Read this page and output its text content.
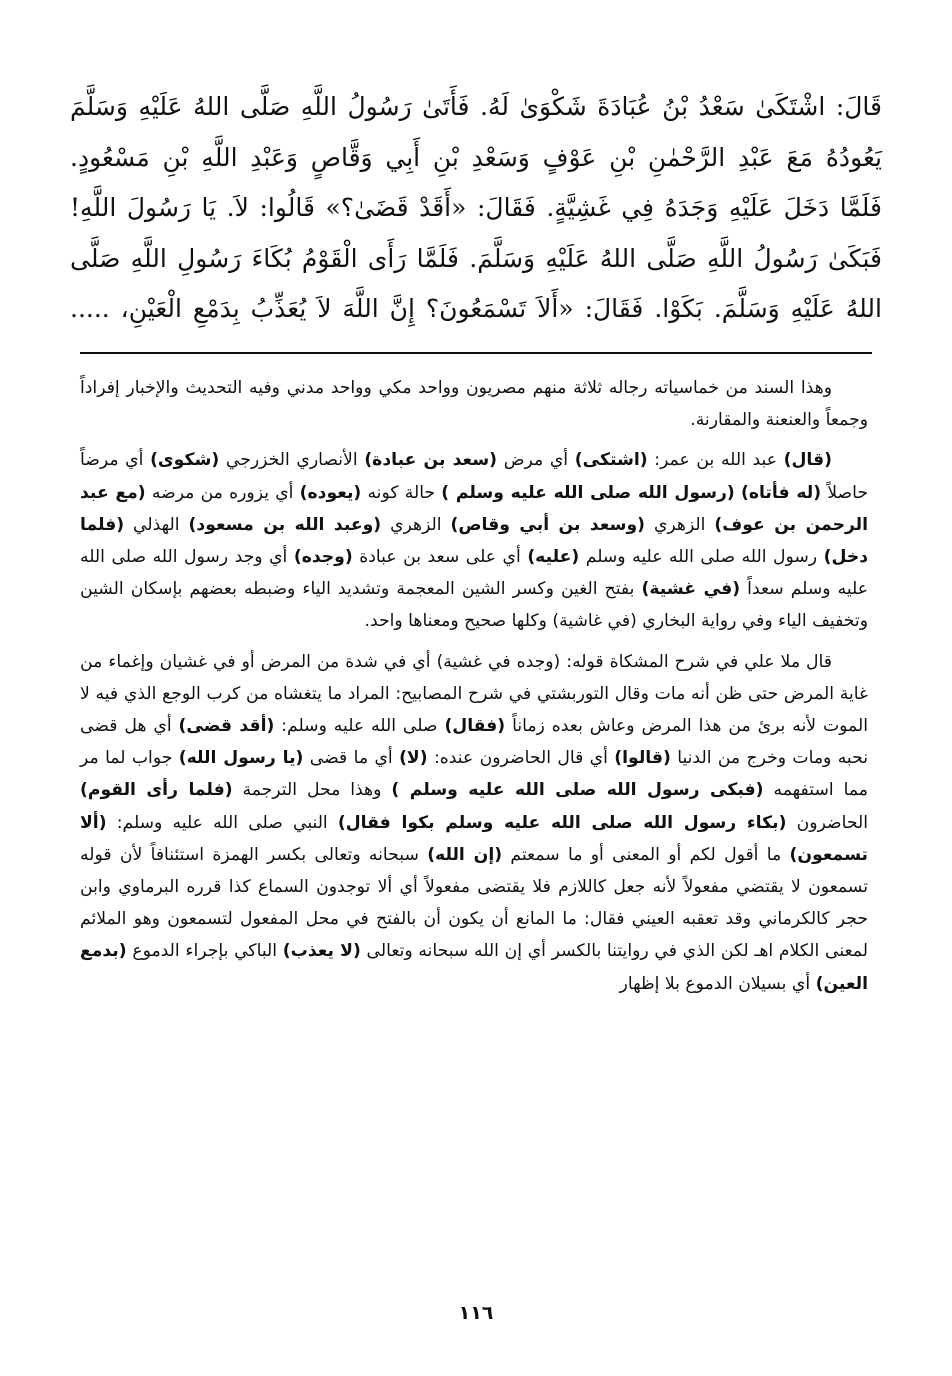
قَالَ: اشْتَكَىٰ سَعْدُ بْنُ عُبَادَةَ شَكْوَىٰ لَهُ. فَأَتَىٰ رَسُولُ اللَّهِ صَلَّى اللهُ عَلَيْهِ وَسَلَّمَ
يَعُودُهُ مَعَ عَبْدِ الرَّحْمٰنِ بْنِ عَوْفٍ وَسَعْدِ بْنِ أَبِي وَقَّاصٍ وَعَبْدِ اللَّهِ بْنِ مَسْعُودٍ.
فَلَمَّا دَخَلَ عَلَيْهِ وَجَدَهُ فِي غَشِيَّةٍ. فَقَالَ: «أَقَدْ قَضَىٰ؟» قَالُوا: لاَ. يَا رَسُولَ اللَّهِ!
فَبَكَىٰ رَسُولُ اللَّهِ صَلَّى اللهُ عَلَيْهِ وَسَلَّمَ. فَلَمَّا رَأَى الْقَوْمُ بُكَاءَ رَسُولِ اللَّهِ صَلَّى
اللهُ عَلَيْهِ وَسَلَّمَ. بَكَوْا. فَقَالَ: «أَلاَ تَسْمَعُونَ؟ إِنَّ اللَّهَ لاَ يُعَذِّبُ بِدَمْعِ الْعَيْنِ، .....

وهذا السند من خماسياته رجاله ثلاثة منهم مصريون وواحد مكي وواحد مدني وفيه التحديث والإخبار إفراداً وجمعاً والعنعنة والمقارنة.

(قال) عبد الله بن عمر: (اشتكى) أي مرض (سعد بن عبادة) الأنصاري الخزرجي (شكوى) أي مرضاً حاصلاً (له فأتاه) (رسول الله صلى الله عليه وسلم ) حالة كونه (يعوده) أي يزوره من مرضه (مع عبد الرحمن بن عوف) الزهري (وسعد بن أبي وقاص) الزهري (وعبد الله بن مسعود) الهذلي (فلما دخل) رسول الله صلى الله عليه وسلم (عليه) أي على سعد بن عبادة (وجده) أي وجد رسول الله صلى الله عليه وسلم سعداً (في غشية) بفتح الغين وكسر الشين المعجمة وتشديد الياء وضبطه بعضهم بإسكان الشين وتخفيف الياء وفي رواية البخاري (في غاشية) وكلها صحيح ومعناها واحد.

قال ملا علي في شرح المشكاة قوله: (وجده في غشية) أي في شدة من المرض أو في غشيان وإغماء من غاية المرض حتى ظن أنه مات وقال التوربشتي في شرح المصابيح: المراد ما يتغشاه من كرب الوجع الذي فيه لا الموت لأنه برئ من هذا المرض وعاش بعده زماناً (فقال) صلى الله عليه وسلم: (أقد قضى) أي هل قضى نحبه ومات وخرج من الدنيا (قالوا) أي قال الحاضرون عنده: (لا) أي ما قضى (يا رسول الله) جواب لما مر مما استفهمه (فبكى رسول الله صلى الله عليه وسلم ) وهذا محل الترجمة (فلما رأى القوم) الحاضرون (بكاء رسول الله صلى الله عليه وسلم بكوا فقال) النبي صلى الله عليه وسلم: (ألا تسمعون) ما أقول لكم أو المعنى أو ما سمعتم (إن الله) سبحانه وتعالى بكسر الهمزة استئنافاً لأن قوله تسمعون لا يقتضي مفعولاً لأنه جعل كاللازم فلا يقتضى مفعولاً أي ألا توجدون السماع كذا قرره البرماوي وابن حجر كالكرماني وقد تعقبه العيني فقال: ما المانع أن يكون أن بالفتح في محل المفعول لتسمعون وهو الملائم لمعنى الكلام اهـ لكن الذي في روايتنا بالكسر أي إن الله سبحانه وتعالى (لا يعذب) الباكي بإجراء الدموع (بدمع العين) أي بسيلان الدموع بلا إظهار

١١٦
